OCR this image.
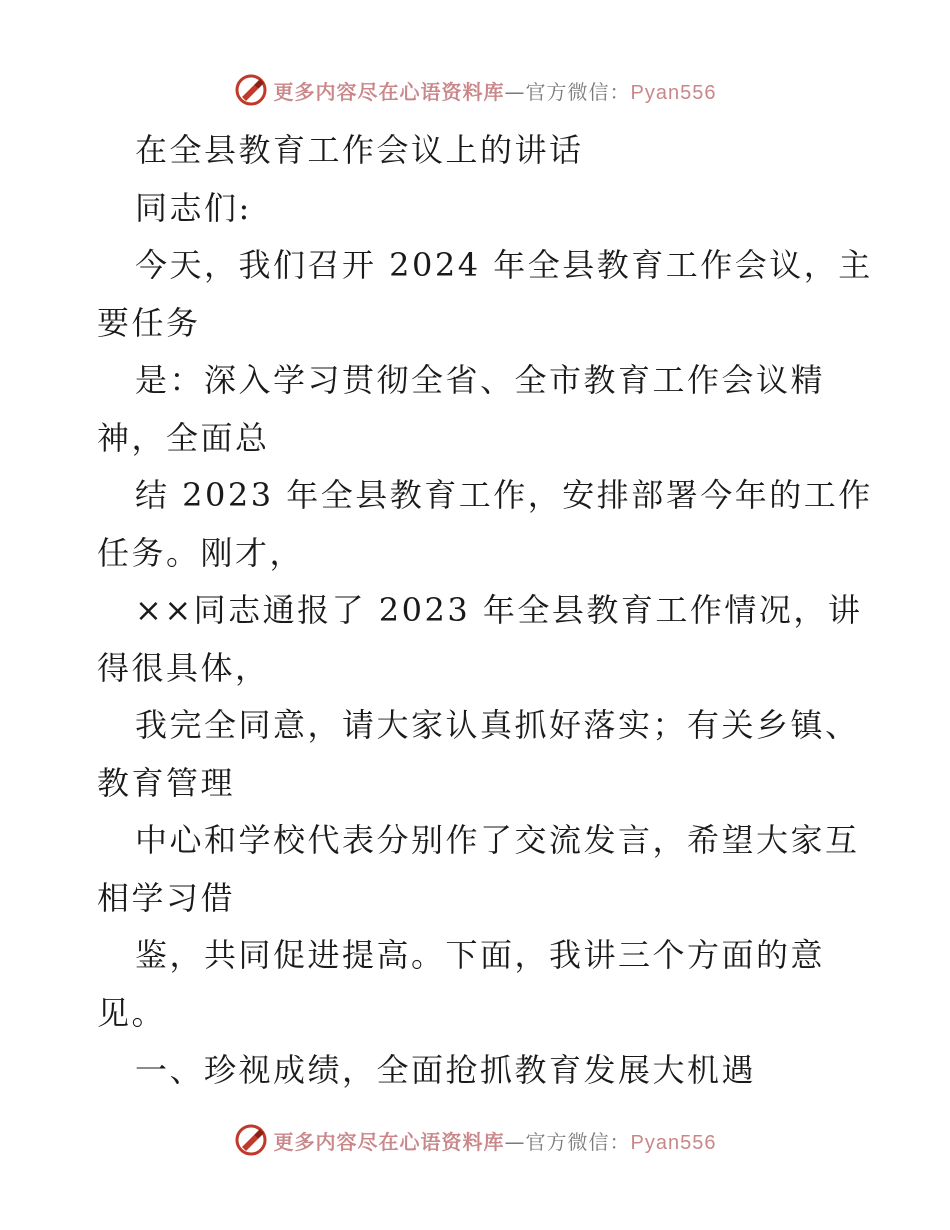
更多内容尽在心语资料库—官方微信：Pyan556
在全县教育工作会议上的讲话
同志们:
今天，我们召开 2024 年全县教育工作会议，主
要任务
是：深入学习贯彻全省、全市教育工作会议精
神，全面总
结 2023 年全县教育工作，安排部署今年的工作
任务。刚才，
××同志通报了 2023 年全县教育工作情况，讲
得很具体，
我完全同意，请大家认真抓好落实；有关乡镇、
教育管理
中心和学校代表分别作了交流发言，希望大家互
相学习借
鉴，共同促进提高。下面，我讲三个方面的意
见。
一、珍视成绩，全面抢抓教育发展大机遇
更多内容尽在心语资料库—官方微信：Pyan556
